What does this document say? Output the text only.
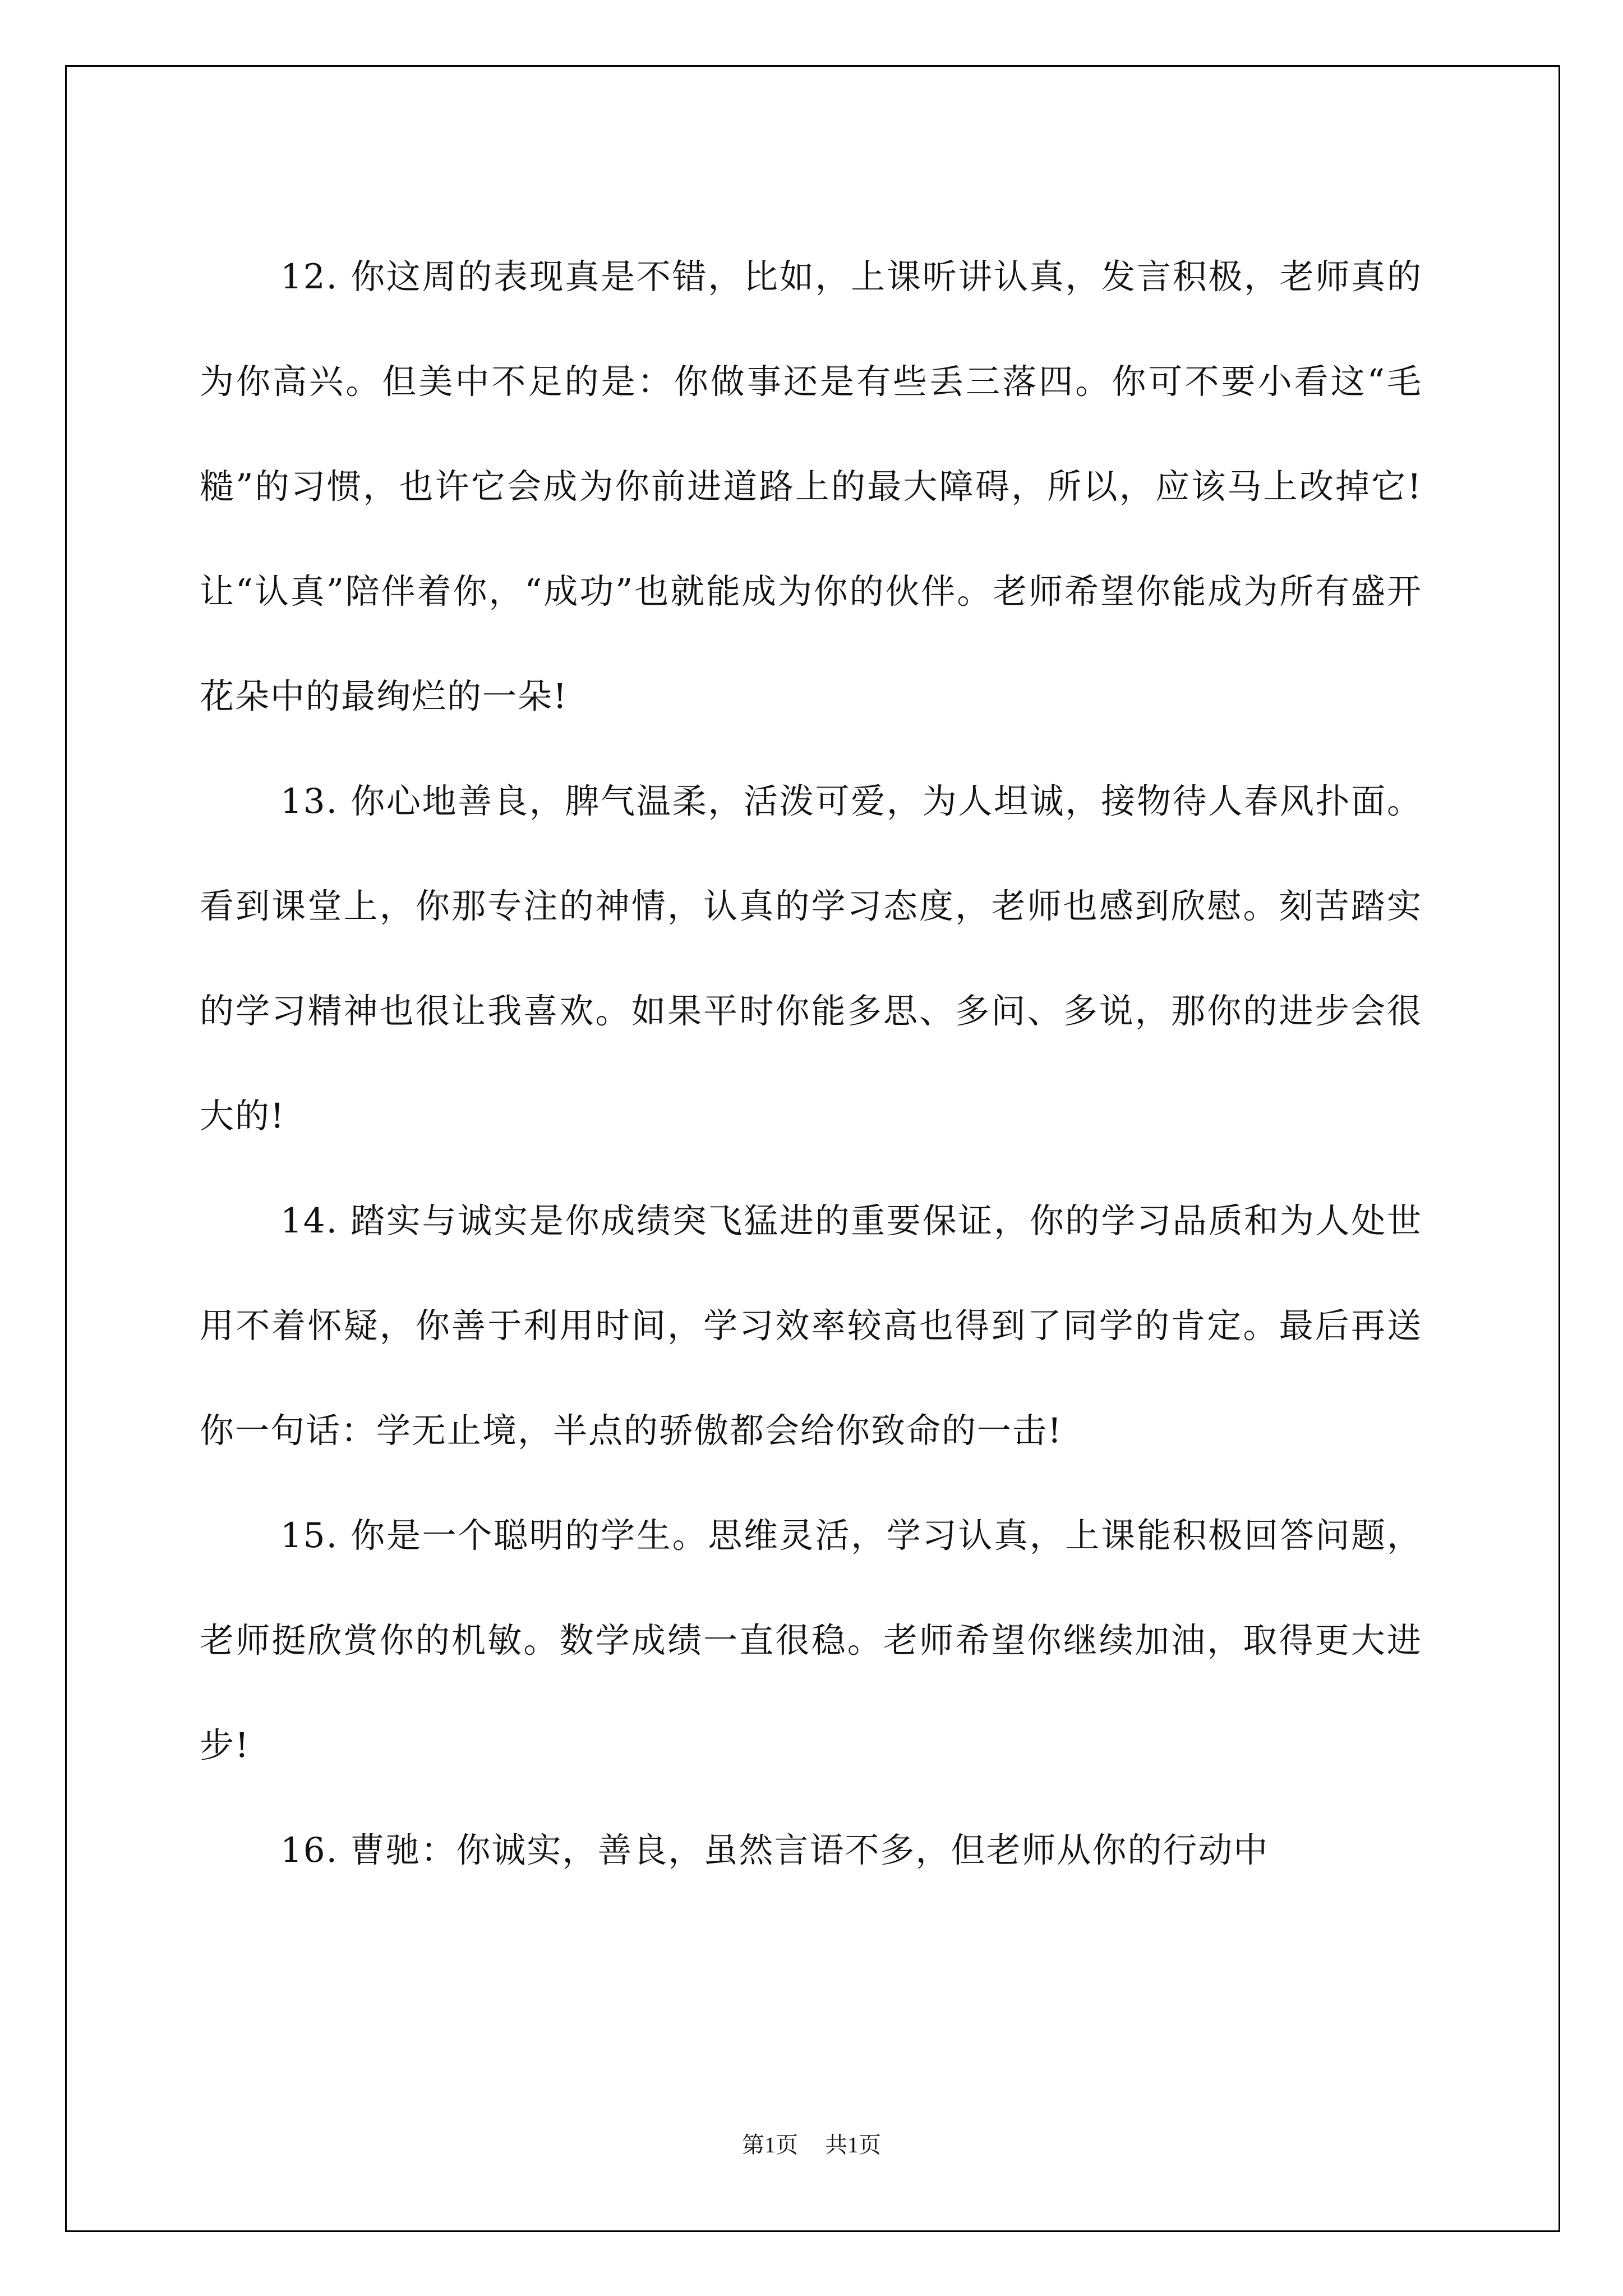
12. 你这周的表现真是不错，比如，上课听讲认真，发言积极，老师真的为你高兴。但美中不足的是：你做事还是有些丢三落四。你可不要小看这“毛糙”的习惯，也许它会成为你前进道路上的最大障碍，所以，应该马上改掉它!让“认真”陪伴着你，“成功”也就能成为你的伙伴。老师希望你能成为所有盛开花朵中的最绚烂的一朵!

13. 你心地善良，脾气温柔，活泼可爱，为人坦诚，接物待人春风扑面。看到课堂上，你那专注的神情，认真的学习态度，老师也感到欣慰。刻苦踏实的学习精神也很让我喜欢。如果平时你能多思、多问、多说，那你的进步会很大的!

14. 踏实与诚实是你成绩突飞猛进的重要保证，你的学习品质和为人处世用不着怀疑，你善于利用时间，学习效率较高也得到了同学的肯定。最后再送你一句话：学无止境，半点的骄傲都会给你致命的一击!

15. 你是一个聪明的学生。思维灵活，学习认真，上课能积极回答问题，老师挺欣赏你的机敏。数学成绩一直很稳。老师希望你继续加油，取得更大进步!

16. 曹驰：你诚实，善良，虽然言语不多，但老师从你的行动中

第1页 共1页
